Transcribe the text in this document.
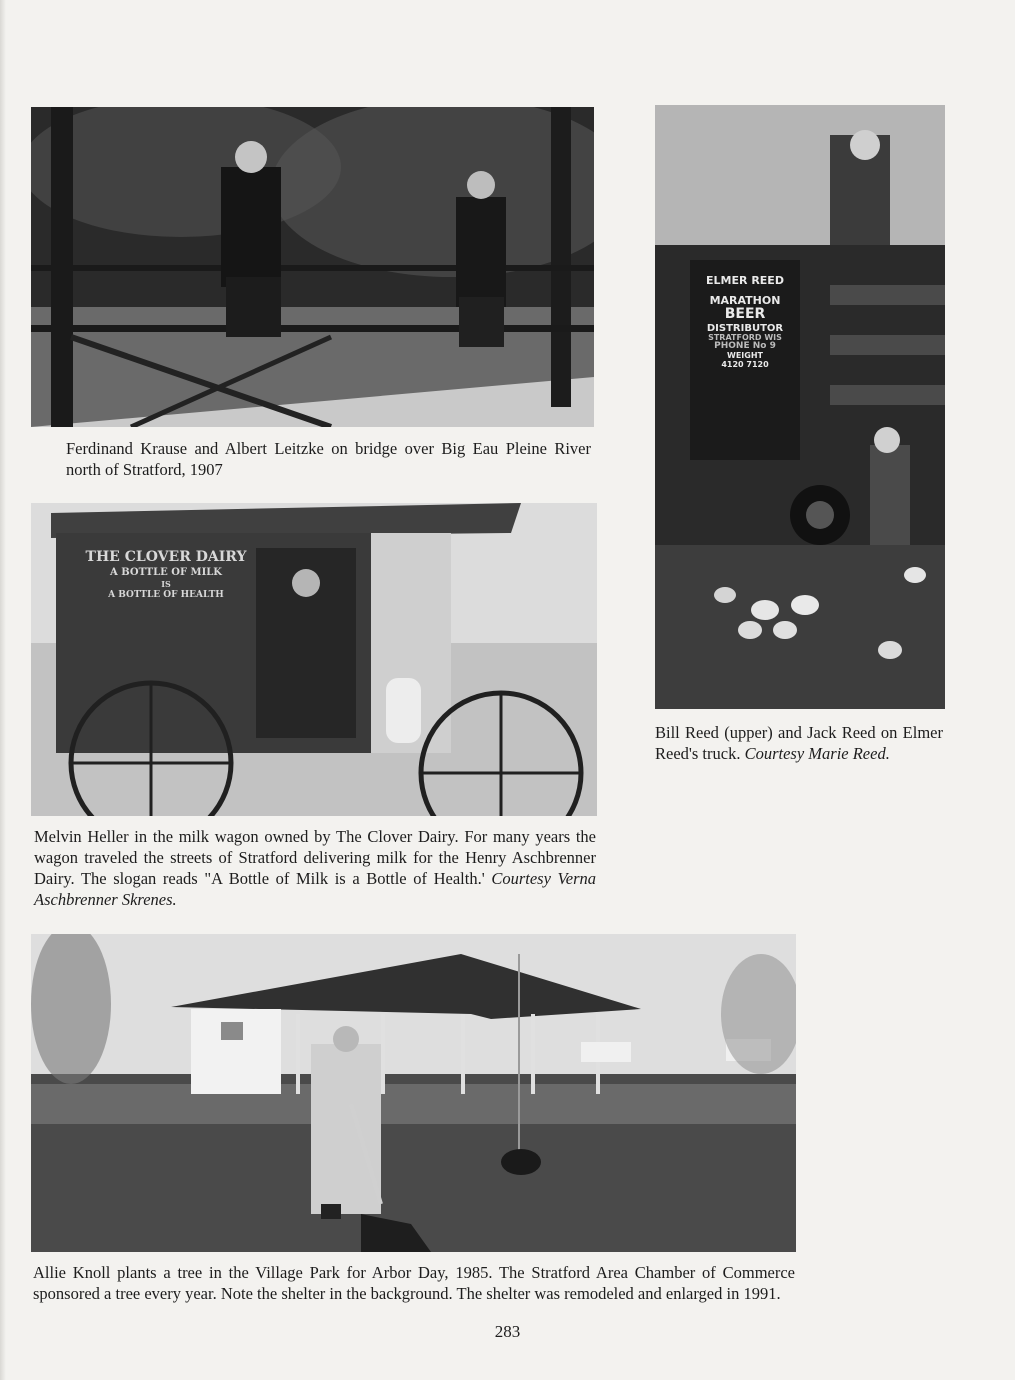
Ferdinand Krause and Albert Leitzke on bridge over Big Eau Pleine River north of Stratford, 1907

ELMER REED
MARATHON
BEER
DISTRIBUTOR
STRATFORD WIS
PHONE No 9
WEIGHT
4120 7120

Bill Reed (upper) and Jack Reed on Elmer Reed's truck. Courtesy Marie Reed.

THE CLOVER DAIRY
A BOTTLE OF MILK
IS
A BOTTLE OF HEALTH

Melvin Heller in the milk wagon owned by The Clover Dairy. For many years the wagon traveled the streets of Stratford delivering milk for the Henry Aschbrenner Dairy. The slogan reads "A Bottle of Milk is a Bottle of Health.' Courtesy Verna Aschbrenner Skrenes.

Allie Knoll plants a tree in the Village Park for Arbor Day, 1985. The Stratford Area Chamber of Commerce sponsored a tree every year. Note the shelter in the background. The shelter was remodeled and enlarged in 1991.

283
